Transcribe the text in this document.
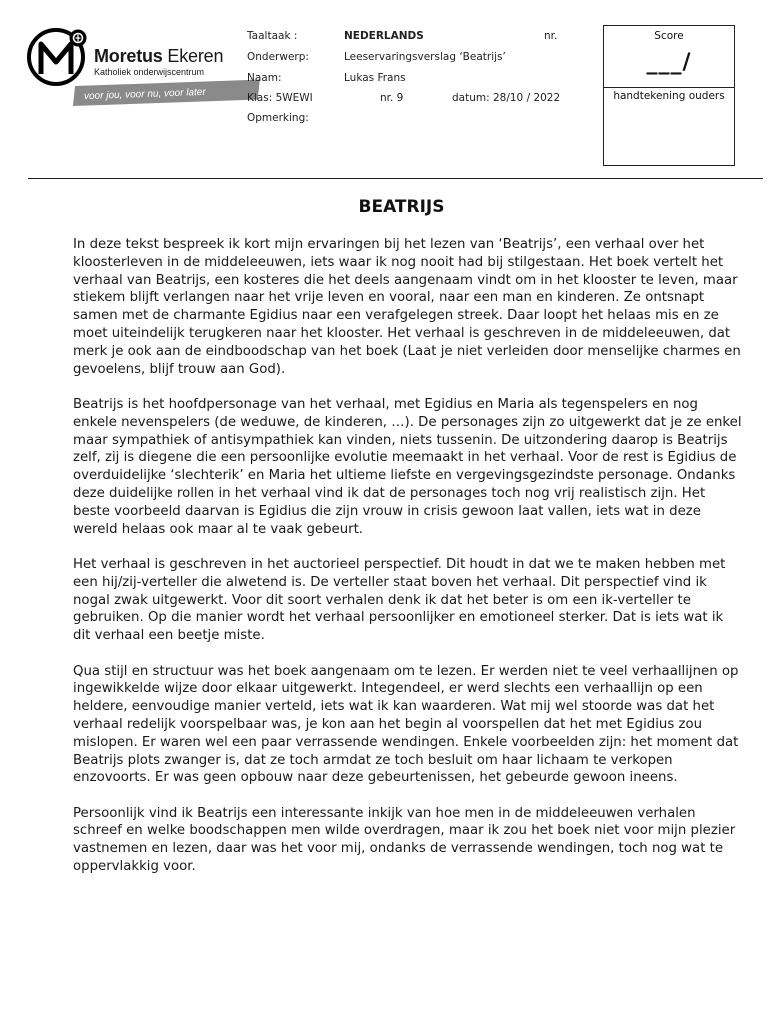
Moretus Ekeren
Katholiek onderwijscentrum
voor jou, voor nu, voor later
Taaltaak :	NEDERLANDS	nr.
Onderwerp:	Leeservaringsverslag ‘Beatrijs’
Naam:	Lukas Frans
Klas: 5WEWI	nr. 9	datum: 28/10 / 2022
Opmerking:
Score
___/
handtekening ouders
BEATRIJS

In deze tekst bespreek ik kort mijn ervaringen bij het lezen van ‘Beatrijs’, een verhaal over het kloosterleven in de middeleeuwen, iets waar ik nog nooit had bij stilgestaan. Het boek vertelt het verhaal van Beatrijs, een kosteres die het deels aangenaam vindt om in het klooster te leven, maar stiekem blijft verlangen naar het vrije leven en vooral, naar een man en kinderen. Ze ontsnapt samen met de charmante Egidius naar een verafgelegen streek. Daar loopt het helaas mis en ze moet uiteindelijk terugkeren naar het klooster. Het verhaal is geschreven in de middeleeuwen, dat merk je ook aan de eindboodschap van het boek (Laat je niet verleiden door menselijke charmes en gevoelens, blijf trouw aan God).

Beatrijs is het hoofdpersonage van het verhaal, met Egidius en Maria als tegenspelers en nog enkele nevenspelers (de weduwe, de kinderen, …). De personages zijn zo uitgewerkt dat je ze enkel maar sympathiek of antisympathiek kan vinden, niets tussenin. De uitzondering daarop is Beatrijs zelf, zij is diegene die een persoonlijke evolutie meemaakt in het verhaal. Voor de rest is Egidius de overduidelijke ‘slechterik’ en Maria het ultieme liefste en vergevingsgezindste personage. Ondanks deze duidelijke rollen in het verhaal vind ik dat de personages toch nog vrij realistisch zijn. Het beste voorbeeld daarvan is Egidius die zijn vrouw in crisis gewoon laat vallen, iets wat in deze wereld helaas ook maar al te vaak gebeurt.

Het verhaal is geschreven in het auctorieel perspectief. Dit houdt in dat we te maken hebben met een hij/zij-verteller die alwetend is. De verteller staat boven het verhaal. Dit perspectief vind ik nogal zwak uitgewerkt. Voor dit soort verhalen denk ik dat het beter is om een ik-verteller te gebruiken. Op die manier wordt het verhaal persoonlijker en emotioneel sterker. Dat is iets wat ik dit verhaal een beetje miste.

Qua stijl en structuur was het boek aangenaam om te lezen. Er werden niet te veel verhaallijnen op ingewikkelde wijze door elkaar uitgewerkt. Integendeel, er werd slechts een verhaallijn op een heldere, eenvoudige manier verteld, iets wat ik kan waarderen. Wat mij wel stoorde was dat het verhaal redelijk voorspelbaar was, je kon aan het begin al voorspellen dat het met Egidius zou mislopen. Er waren wel een paar verrassende wendingen. Enkele voorbeelden zijn: het moment dat Beatrijs plots zwanger is, dat ze toch armdat ze toch besluit om haar lichaam te verkopen enzovoorts. Er was geen opbouw naar deze gebeurtenissen, het gebeurde gewoon ineens.

Persoonlijk vind ik Beatrijs een interessante inkijk van hoe men in de middeleeuwen verhalen schreef en welke boodschappen men wilde overdragen, maar ik zou het boek niet voor mijn plezier vastnemen en lezen, daar was het voor mij, ondanks de verrassende wendingen, toch nog wat te oppervlakkig voor.
